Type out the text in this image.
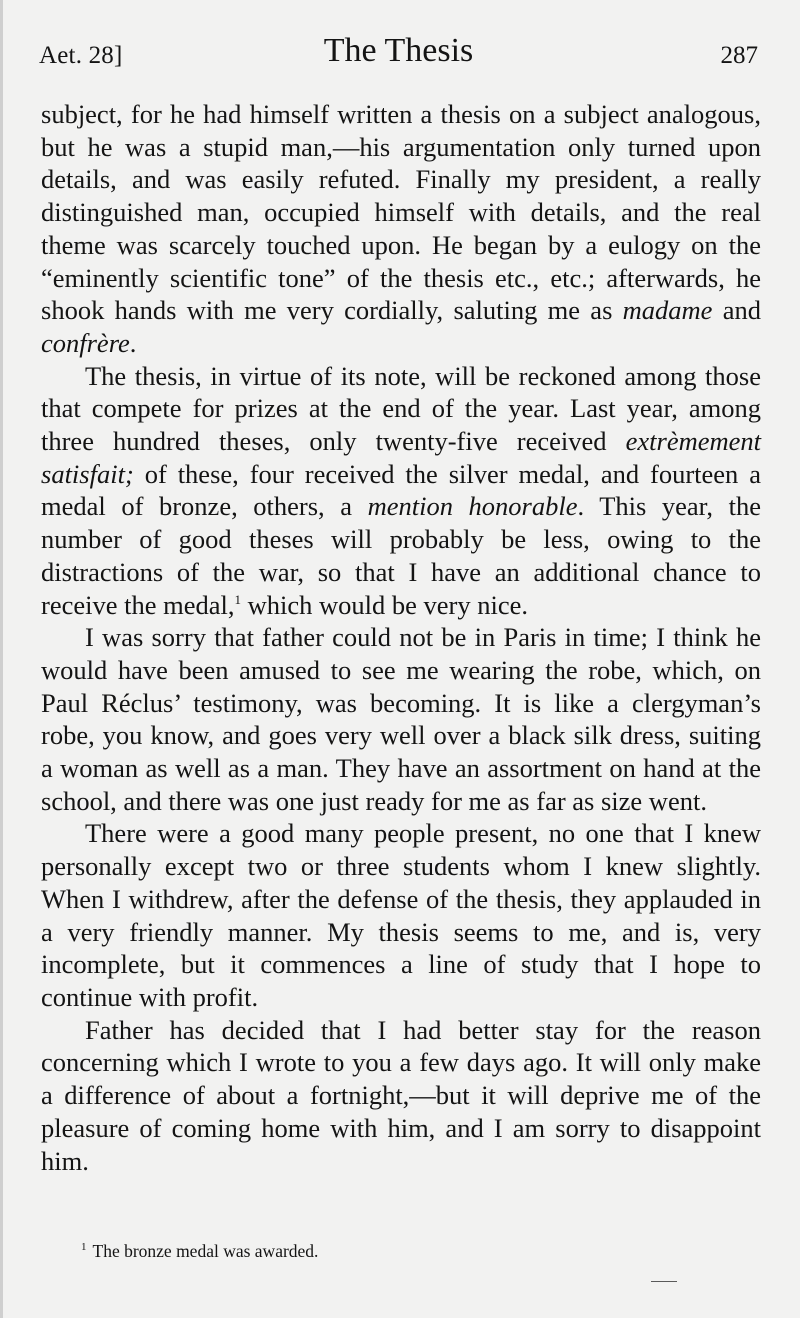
Aet. 28]	The Thesis	287

subject, for he had himself written a thesis on a subject analogous, but he was a stupid man,—his argumentation only turned upon details, and was easily refuted. Finally my president, a really distinguished man, occupied himself with details, and the real theme was scarcely touched upon. He began by a eulogy on the “eminently scientific tone” of the thesis etc., etc.; afterwards, he shook hands with me very cordially, saluting me as madame and confrère.

The thesis, in virtue of its note, will be reckoned among those that compete for prizes at the end of the year. Last year, among three hundred theses, only twenty-five received extrèmement satisfait; of these, four received the silver medal, and fourteen a medal of bronze, others, a mention honorable. This year, the number of good theses will probably be less, owing to the distractions of the war, so that I have an additional chance to receive the medal,$^1$ which would be very nice.

I was sorry that father could not be in Paris in time; I think he would have been amused to see me wearing the robe, which, on Paul Réclus’ testimony, was becoming. It is like a clergyman’s robe, you know, and goes very well over a black silk dress, suiting a woman as well as a man. They have an assortment on hand at the school, and there was one just ready for me as far as size went.

There were a good many people present, no one that I knew personally except two or three students whom I knew slightly. When I withdrew, after the defense of the thesis, they applauded in a very friendly manner. My thesis seems to me, and is, very incomplete, but it commences a line of study that I hope to continue with profit.

Father has decided that I had better stay for the reason concerning which I wrote to you a few days ago. It will only make a difference of about a fortnight,—but it will deprive me of the pleasure of coming home with him, and I am sorry to disappoint him.

$^1$ The bronze medal was awarded.
